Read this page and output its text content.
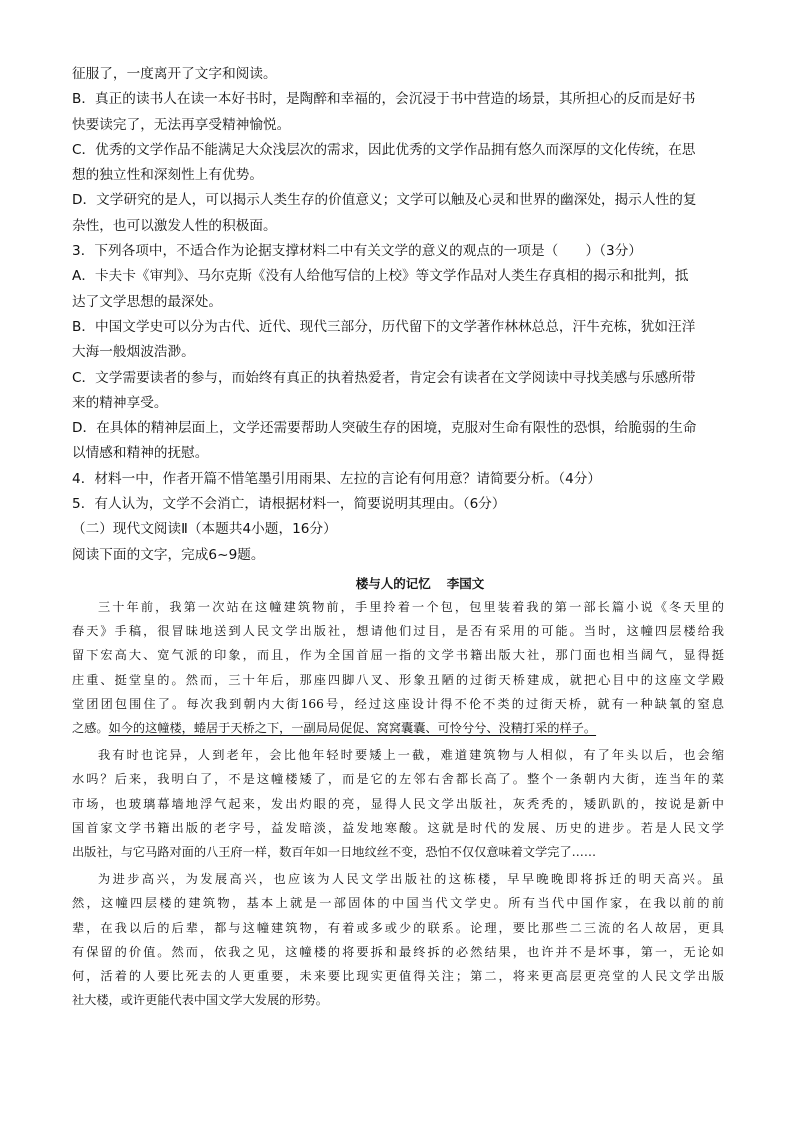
征服了，一度离开了文字和阅读。
B．真正的读书人在读一本好书时，是陶醉和幸福的，会沉浸于书中营造的场景，其所担心的反而是好书
快要读完了，无法再享受精神愉悦。
C．优秀的文学作品不能满足大众浅层次的需求，因此优秀的文学作品拥有悠久而深厚的文化传统，在思
想的独立性和深刻性上有优势。
D．文学研究的是人，可以揭示人类生存的价值意义；文学可以触及心灵和世界的幽深处，揭示人性的复
杂性，也可以激发人性的积极面。
3．下列各项中，不适合作为论据支撑材料二中有关文学的意义的观点的一项是（　　）（3分）
A．卡夫卡《审判》、马尔克斯《没有人给他写信的上校》等文学作品对人类生存真相的揭示和批判，抵
达了文学思想的最深处。
B．中国文学史可以分为古代、近代、现代三部分，历代留下的文学著作林林总总，汗牛充栋，犹如汪洋
大海一般烟波浩渺。
C．文学需要读者的参与，而始终有真正的执着热爱者，肯定会有读者在文学阅读中寻找美感与乐感所带
来的精神享受。
D．在具体的精神层面上，文学还需要帮助人突破生存的困境，克服对生命有限性的恐惧，给脆弱的生命
以情感和精神的抚慰。
4．材料一中，作者开篇不惜笔墨引用雨果、左拉的言论有何用意？请简要分析。（4分）
5．有人认为，文学不会消亡，请根据材料一，简要说明其理由。（6分）
（二）现代文阅读Ⅱ（本题共4小题，16分）
阅读下面的文字，完成6~9题。
楼与人的记忆 李国文
三十年前，我第一次站在这幢建筑物前，手里拎着一个包，包里装着我的第一部长篇小说《冬天里的
春天》手稿，很冒昧地送到人民文学出版社，想请他们过目，是否有采用的可能。当时，这幢四层楼给我
留下宏高大、宽气派的印象，而且，作为全国首屈一指的文学书籍出版大社，那门面也相当阔气，显得挺
庄重、挺堂皇的。然而，三十年后，那座四脚八叉、形象丑陋的过街天桥建成，就把心目中的这座文学殿
堂团团包围住了。每次我到朝内大街166号，经过这座设计得不伦不类的过街天桥，就有一种缺氧的窒息
之感。如今的这幢楼，蜷居于天桥之下，一副局局促促、窝窝囊囊、可怜兮兮、没精打采的样子。
我有时也诧异，人到老年，会比他年轻时要矮上一截，难道建筑物与人相似，有了年头以后，也会缩
水吗？后来，我明白了，不是这幢楼矮了，而是它的左邻右舍都长高了。整个一条朝内大街，连当年的菜
市场，也玻璃幕墙地浮气起来，发出灼眼的亮，显得人民文学出版社，灰秃秃的，矮趴趴的，按说是新中
国首家文学书籍出版的老字号，益发暗淡，益发地寒酸。这就是时代的发展、历史的进步。若是人民文学
出版社，与它马路对面的八王府一样，数百年如一日地纹丝不变，恐怕不仅仅意味着文学完了……
为进步高兴，为发展高兴，也应该为人民文学出版社的这栋楼，早早晚晚即将拆迁的明天高兴。虽
然，这幢四层楼的建筑物，基本上就是一部固体的中国当代文学史。所有当代中国作家，在我以前的前
辈，在我以后的后辈，都与这幢建筑物，有着或多或少的联系。论理，要比那些二三流的名人故居，更具
有保留的价值。然而，依我之见，这幢楼的将要拆和最终拆的必然结果，也许并不是坏事，第一，无论如
何，活着的人要比死去的人更重要，未来要比现实更值得关注；第二，将来更高层更亮堂的人民文学出版
社大楼，或许更能代表中国文学大发展的形势。
